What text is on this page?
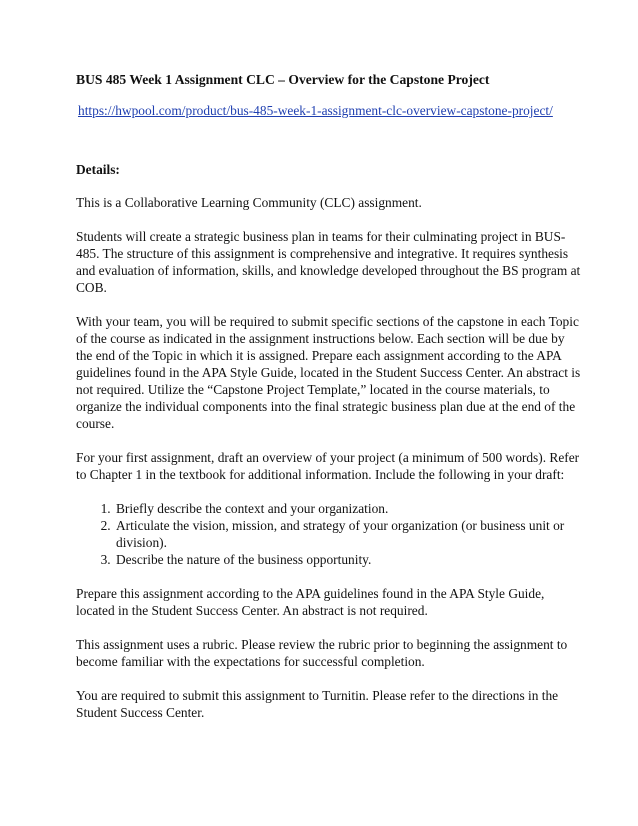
BUS 485 Week 1 Assignment CLC – Overview for the Capstone Project

https://hwpool.com/product/bus-485-week-1-assignment-clc-overview-capstone-project/

Details:

This is a Collaborative Learning Community (CLC) assignment.

Students will create a strategic business plan in teams for their culminating project in BUS-485. The structure of this assignment is comprehensive and integrative. It requires synthesis and evaluation of information, skills, and knowledge developed throughout the BS program at COB.

With your team, you will be required to submit specific sections of the capstone in each Topic of the course as indicated in the assignment instructions below. Each section will be due by the end of the Topic in which it is assigned. Prepare each assignment according to the APA guidelines found in the APA Style Guide, located in the Student Success Center. An abstract is not required. Utilize the “Capstone Project Template,” located in the course materials, to organize the individual components into the final strategic business plan due at the end of the course.

For your first assignment, draft an overview of your project (a minimum of 500 words). Refer to Chapter 1 in the textbook for additional information. Include the following in your draft:

1. Briefly describe the context and your organization.
2. Articulate the vision, mission, and strategy of your organization (or business unit or division).
3. Describe the nature of the business opportunity.

Prepare this assignment according to the APA guidelines found in the APA Style Guide, located in the Student Success Center. An abstract is not required.

This assignment uses a rubric. Please review the rubric prior to beginning the assignment to become familiar with the expectations for successful completion.

You are required to submit this assignment to Turnitin. Please refer to the directions in the Student Success Center.
